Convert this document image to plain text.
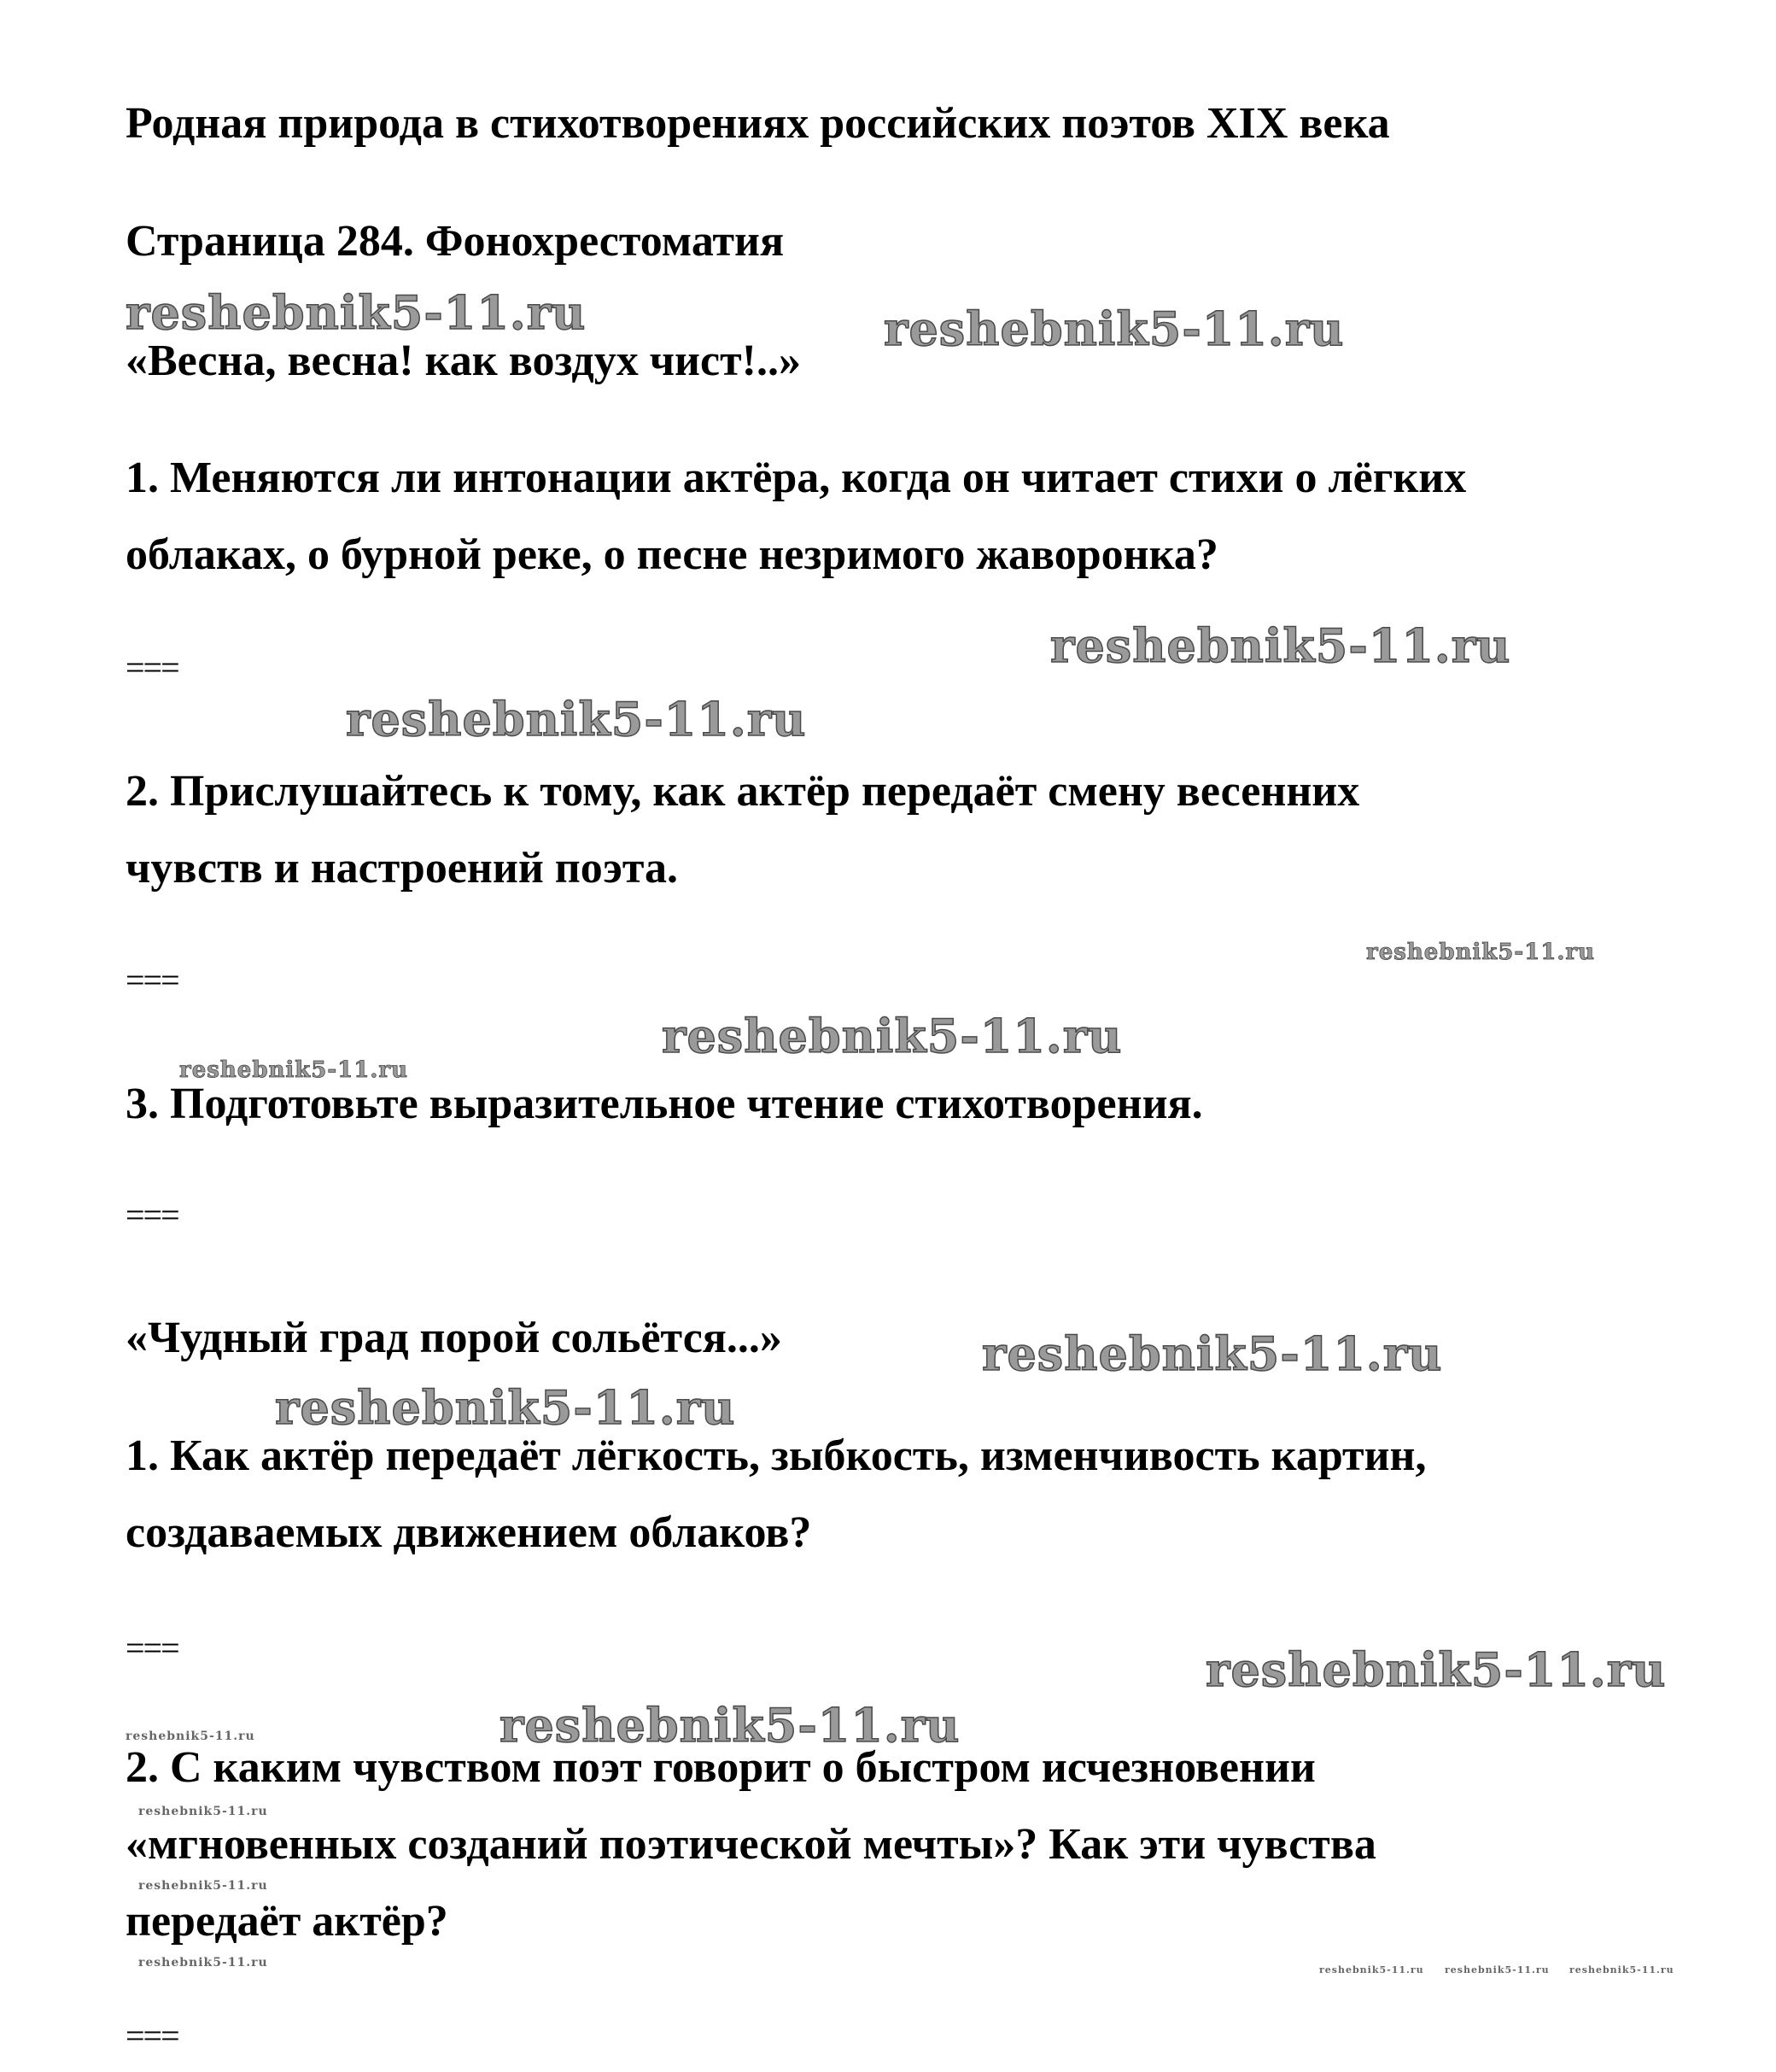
Родная природа в стихотворениях российских поэтов XIX века
Страница 284. Фонохрестоматия
«Весна, весна! как воздух чист!..»
1. Меняются ли интонации актёра, когда он читает стихи о лёгких
облаках, о бурной реке, о песне незримого жаворонка?
===
2. Прислушайтесь к тому, как актёр передаёт смену весенних
чувств и настроений поэта.
===
3. Подготовьте выразительное чтение стихотворения.
===
«Чудный град порой сольётся...»
1. Как актёр передаёт лёгкость, зыбкость, изменчивость картин,
создаваемых движением облаков?
===
2. С каким чувством поэт говорит о быстром исчезновении
«мгновенных созданий поэтической мечты»? Как эти чувства
передаёт актёр?
===
reshebnik5-11.ru	reshebnik5-11.ru
reshebnik5-11.ru
reshebnik5-11.ru
reshebnik5-11.ru
reshebnik5-11.ru
reshebnik5-11.ru
reshebnik5-11.ru
reshebnik5-11.ru
reshebnik5-11.ru
reshebnik5-11.ru
reshebnik5-11.ru
reshebnik5-11.ru
reshebnik5-11.ru
reshebnik5-11.ru
reshebnik5-11.ru reshebnik5-11.ru reshebnik5-11.ru
